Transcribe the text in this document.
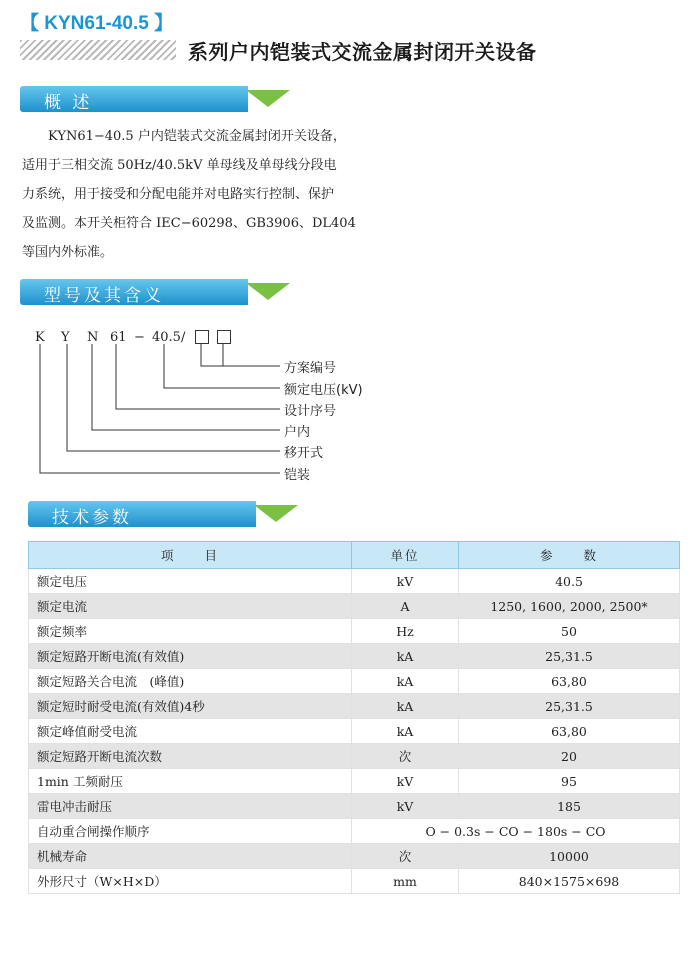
【 KYN61-40.5 】
系列户内铠装式交流金属封闭开关设备
概 述

KYN61−40.5 户内铠装式交流金属封闭开关设备，

适用于三相交流 50Hz/40.5kV 单母线及单母线分段电

力系统，用于接受和分配电能并对电路实行控制、保护

及监测。本开关柜符合 IEC−60298、GB3906、DL404

等国内外标准。

型号及其含义
K Y N 61 − 40.5/
方案编号
额定电压(kV)
设计序号
户内
移开式
铠装
技术参数
项　　目	单位	参　　数
额定电压	kV	40.5
额定电流	A	1250, 1600, 2000, 2500*
额定频率	Hz	50
额定短路开断电流(有效值)	kA	25,31.5
额定短路关合电流　(峰值)	kA	63,80
额定短时耐受电流(有效值)4秒	kA	25,31.5
额定峰值耐受电流	kA	63,80
额定短路开断电流次数	次	20
1min 工频耐压	kV	95
雷电冲击耐压	kV	185
自动重合闸操作顺序	O − 0.3s − CO − 180s − CO	
机械寿命	次	10000
外形尺寸（W×H×D）	mm	840×1575×698
